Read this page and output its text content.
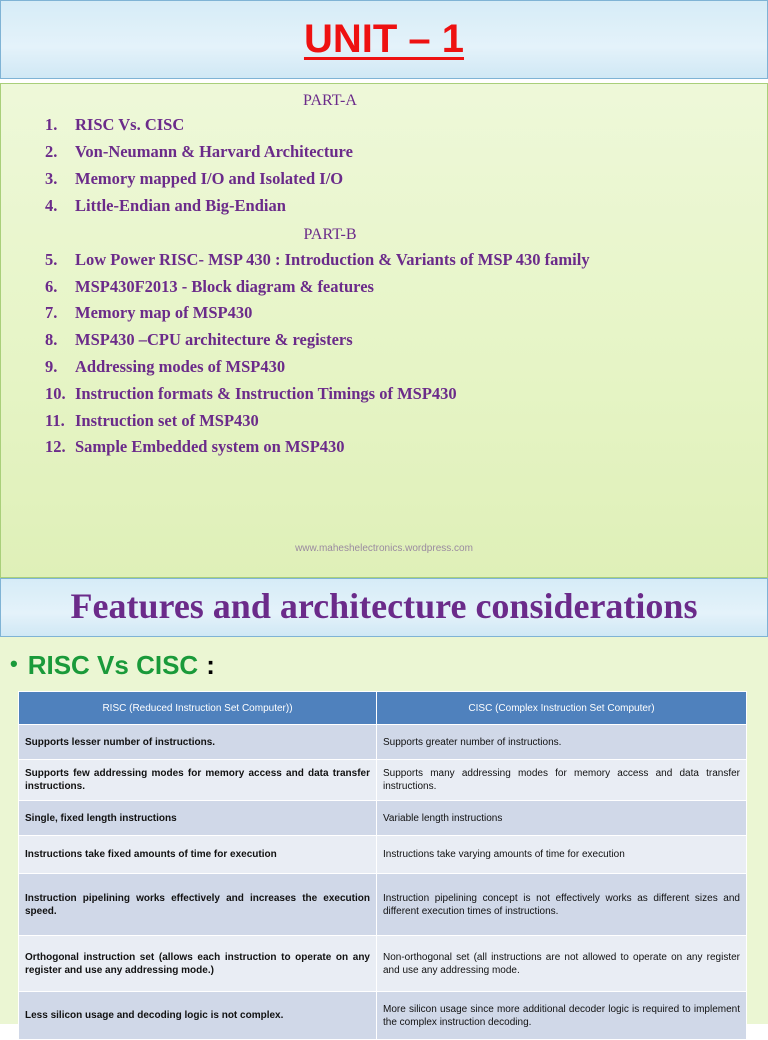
UNIT – 1
PART-A
PART-B
1. RISC Vs. CISC
2. Von-Neumann & Harvard Architecture
3. Memory mapped I/O and Isolated I/O
4. Little-Endian and Big-Endian
5. Low Power RISC- MSP 430 : Introduction & Variants of MSP 430 family
6. MSP430F2013 - Block diagram & features
7. Memory map of MSP430
8. MSP430 –CPU architecture & registers
9. Addressing modes of MSP430
10. Instruction formats & Instruction Timings of MSP430
11. Instruction set of MSP430
12. Sample Embedded system on MSP430
www.maheshelectronics.wordpress.com
Features and architecture considerations
• RISC Vs CISC :
RISC (Reduced Instruction Set Computer))	CISC (Complex Instruction Set Computer)
Supports lesser number of instructions.	Supports greater number of instructions.
Supports few addressing modes for memory access and data transfer instructions.	Supports many addressing modes for memory access and data transfer instructions.
Single, fixed length instructions	Variable length instructions
Instructions take fixed amounts of time for execution	Instructions take varying amounts of time for execution
Instruction pipelining works effectively and increases the execution speed.	Instruction pipelining concept is not effectively works as different sizes and different execution times of instructions.
Orthogonal instruction set (allows each instruction to operate on any register and use any addressing mode.)	Non-orthogonal set (all instructions are not allowed to operate on any register and use any addressing mode.
Less silicon usage and decoding logic is not complex.	More silicon usage since more additional decoder logic is required to implement the complex instruction decoding.
